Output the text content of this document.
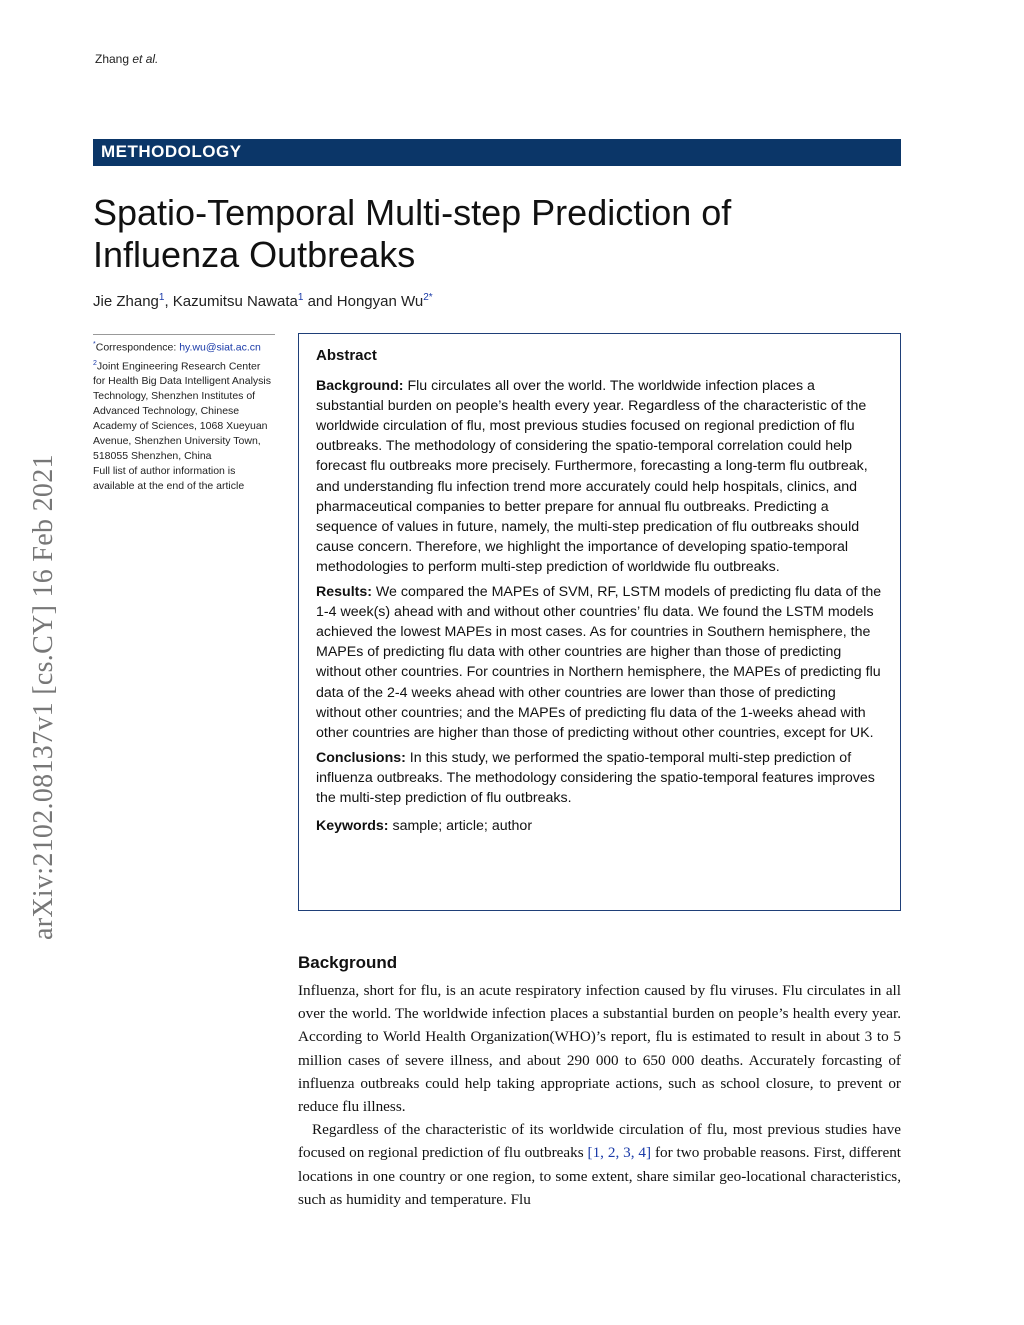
Zhang et al.
METHODOLOGY
Spatio-Temporal Multi-step Prediction of Influenza Outbreaks
Jie Zhang$^1$, Kazumitsu Nawata$^1$ and Hongyan $Wu^{2*}$

*Correspondence: hy.wu@siat.ac.cn

$^2$Joint Engineering Research Center for Health Big Data Intelligent Analysis Technology, Shenzhen Institutes of Advanced Technology, Chinese Academy of Sciences, 1068 Xueyuan Avenue, Shenzhen University Town, 518055 Shenzhen, China

Full list of author information is available at the end of the article

arXiv:2102.08137v1 [cs.CY] 16 Feb 2021
Abstract

Background: Flu circulates all over the world. The worldwide infection places a substantial burden on people’s health every year. Regardless of the characteristic of the worldwide circulation of flu, most previous studies focused on regional prediction of flu outbreaks. The methodology of considering the spatio-temporal correlation could help forecast flu outbreaks more precisely. Furthermore, forecasting a long-term flu outbreak, and understanding flu infection trend more accurately could help hospitals, clinics, and pharmaceutical companies to better prepare for annual flu outbreaks. Predicting a sequence of values in future, namely, the multi-step predication of flu outbreaks should cause concern. Therefore, we highlight the importance of developing spatio-temporal methodologies to perform multi-step prediction of worldwide flu outbreaks.

Results: We compared the MAPEs of SVM, RF, LSTM models of predicting flu data of the 1-4 week(s) ahead with and without other countries’ flu data. We found the LSTM models achieved the lowest MAPEs in most cases. As for countries in Southern hemisphere, the MAPEs of predicting flu data with other countries are higher than those of predicting without other countries. For countries in Northern hemisphere, the MAPEs of predicting flu data of the 2-4 weeks ahead with other countries are lower than those of predicting without other countries; and the MAPEs of predicting flu data of the 1-weeks ahead with other countries are higher than those of predicting without other countries, except for UK.

Conclusions: In this study, we performed the spatio-temporal multi-step prediction of influenza outbreaks. The methodology considering the spatio-temporal features improves the multi-step prediction of flu outbreaks.

Keywords: sample; article; author

Background

Influenza, short for flu, is an acute respiratory infection caused by flu viruses. Flu circulates in all over the world. The worldwide infection places a substantial burden on people’s health every year. According to World Health Organization(WHO)’s report, flu is estimated to result in about 3 to 5 million cases of severe illness, and about 290 000 to 650 000 deaths. Accurately forcasting of influenza outbreaks could help taking appropriate actions, such as school closure, to prevent or reduce flu illness.

Regardless of the characteristic of its worldwide circulation of flu, most previous studies have focused on regional prediction of flu outbreaks [1, 2, 3, 4] for two probable reasons. First, different locations in one country or one region, to some extent, share similar geo-locational characteristics, such as humidity and temperature. Flu
